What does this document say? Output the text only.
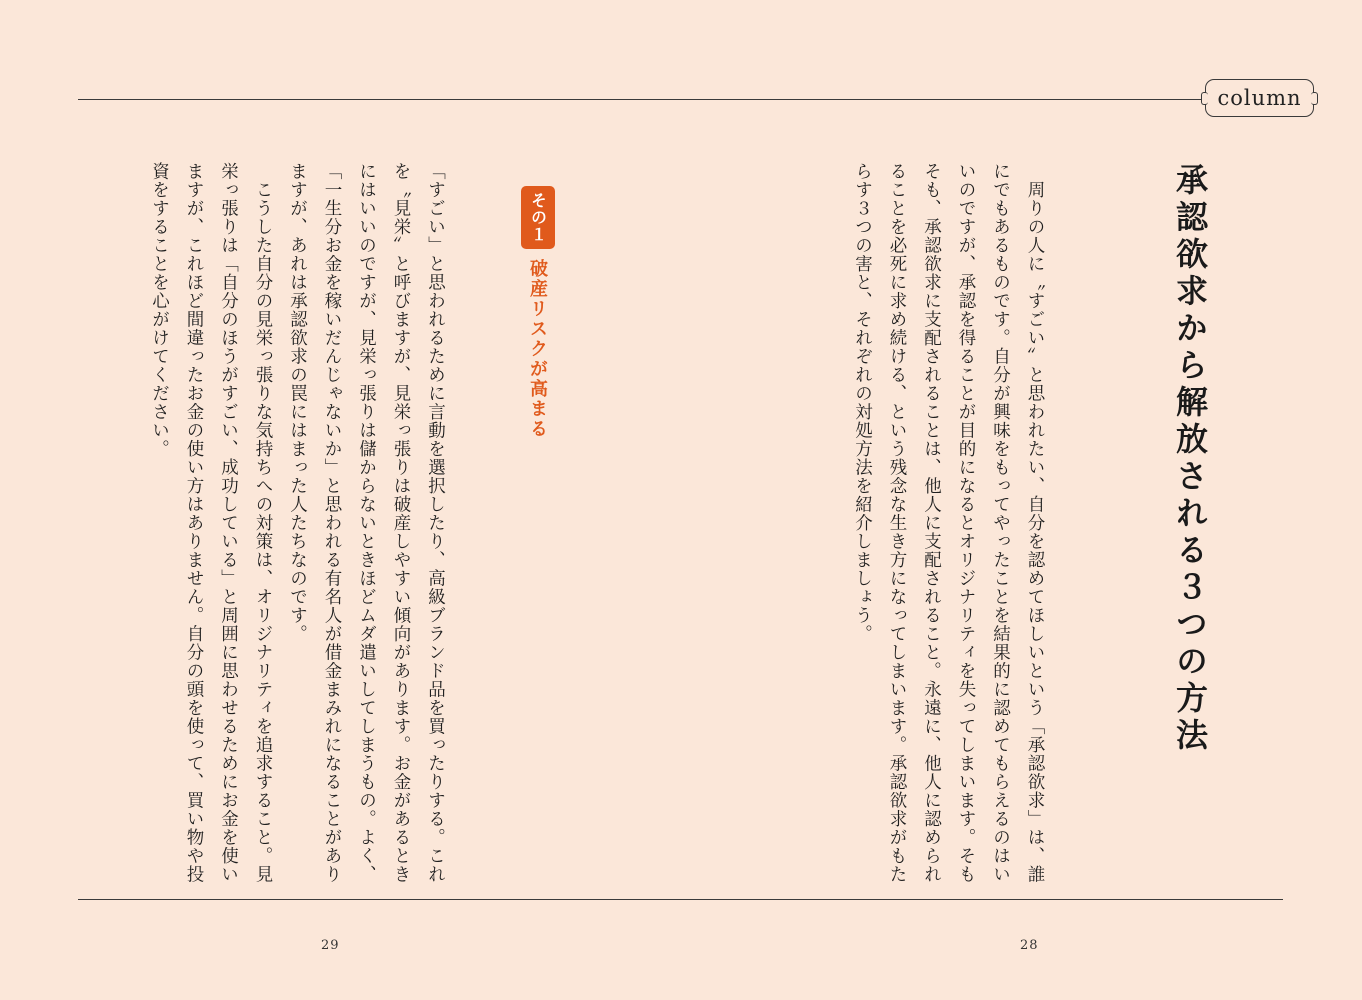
column
承認欲求から解放される３つの方法
　周りの人に〝すごい〟と思われたい、自分を認めてほしいという「承認欲求」は、誰にでもあるものです。自分が興味をもってやったことを結果的に認めてもらえるのはいいのですが、承認を得ることが目的になるとオリジナリティを失ってしまいます。そもそも、承認欲求に支配されることは、他人に支配されること。永遠に、他人に認められることを必死に求め続ける、という残念な生き方になってしまいます。承認欲求がもたらす３つの害と、それぞれの対処方法を紹介しましょう。
その１
破産リスクが高まる
「すごい」と思われるために言動を選択したり、高級ブランド品を買ったりする。これを〝見栄〟と呼びますが、見栄っ張りは破産しやすい傾向があります。お金があるときにはいいのですが、見栄っ張りは儲からないときほどムダ遣いしてしまうもの。よく、「一生分お金を稼いだんじゃないか」と思われる有名人が借金まみれになることがありますが、あれは承認欲求の罠にはまった人たちなのです。
　こうした自分の見栄っ張りな気持ちへの対策は、オリジナリティを追求すること。見栄っ張りは「自分のほうがすごい、成功している」と周囲に思わせるためにお金を使いますが、これほど間違ったお金の使い方はありません。自分の頭を使って、買い物や投資をすることを心がけてください。
29	28
